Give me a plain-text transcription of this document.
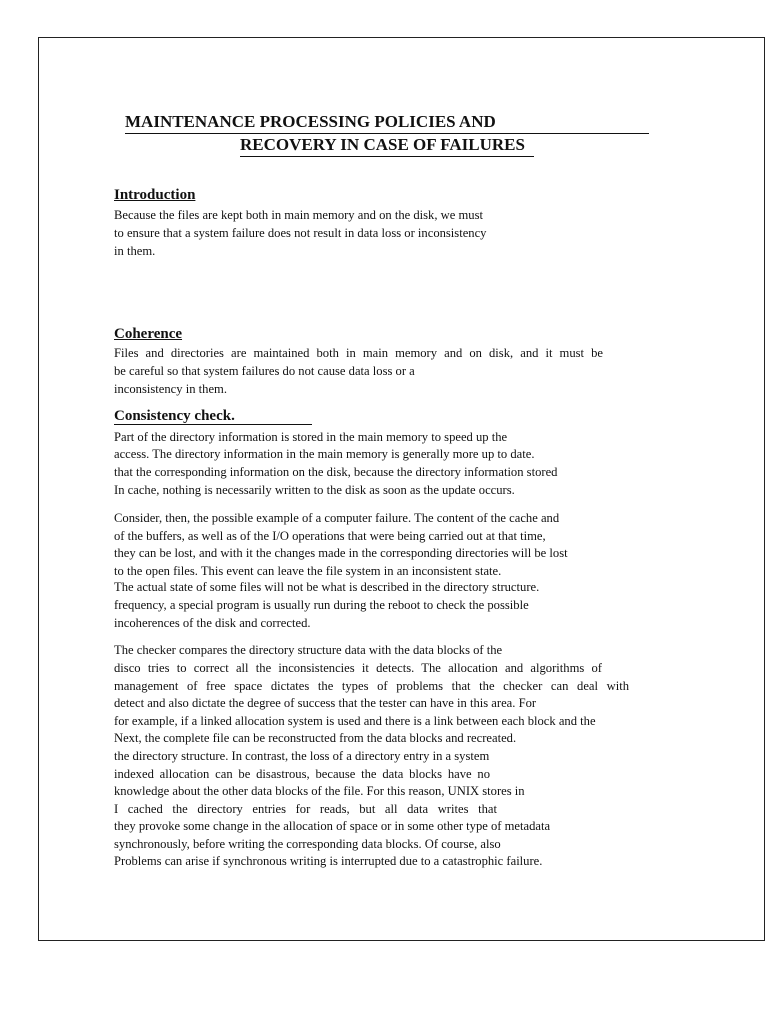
MAINTENANCE PROCESSING POLICIES AND
RECOVERY IN CASE OF FAILURES
Introduction
Because the files are kept both in main memory and on the disk, we must
to ensure that a system failure does not result in data loss or inconsistency
in them.
Coherence
Files and directories are maintained both in main memory and on disk, and it must be
be careful so that system failures do not cause data loss or a
inconsistency in them.
Consistency check.
Part of the directory information is stored in the main memory to speed up the
access. The directory information in the main memory is generally more up to date.
that the corresponding information on the disk, because the directory information stored
In cache, nothing is necessarily written to the disk as soon as the update occurs.
Consider, then, the possible example of a computer failure. The content of the cache and
of the buffers, as well as of the I/O operations that were being carried out at that time,
they can be lost, and with it the changes made in the corresponding directories will be lost
to the open files. This event can leave the file system in an inconsistent state.
The actual state of some files will not be what is described in the directory structure.
frequency, a special program is usually run during the reboot to check the possible
incoherences of the disk and corrected.
The checker compares the directory structure data with the data blocks of the
disco tries to correct all the inconsistencies it detects. The allocation and algorithms of
management of free space dictates the types of problems that the checker can deal with
detect and also dictate the degree of success that the tester can have in this area. For
for example, if a linked allocation system is used and there is a link between each block and the
Next, the complete file can be reconstructed from the data blocks and recreated.
the directory structure. In contrast, the loss of a directory entry in a system
indexed allocation can be disastrous, because the data blocks have no
knowledge about the other data blocks of the file. For this reason, UNIX stores in
I cached the directory entries for reads, but all data writes that
they provoke some change in the allocation of space or in some other type of metadata
synchronously, before writing the corresponding data blocks. Of course, also
Problems can arise if synchronous writing is interrupted due to a catastrophic failure.
